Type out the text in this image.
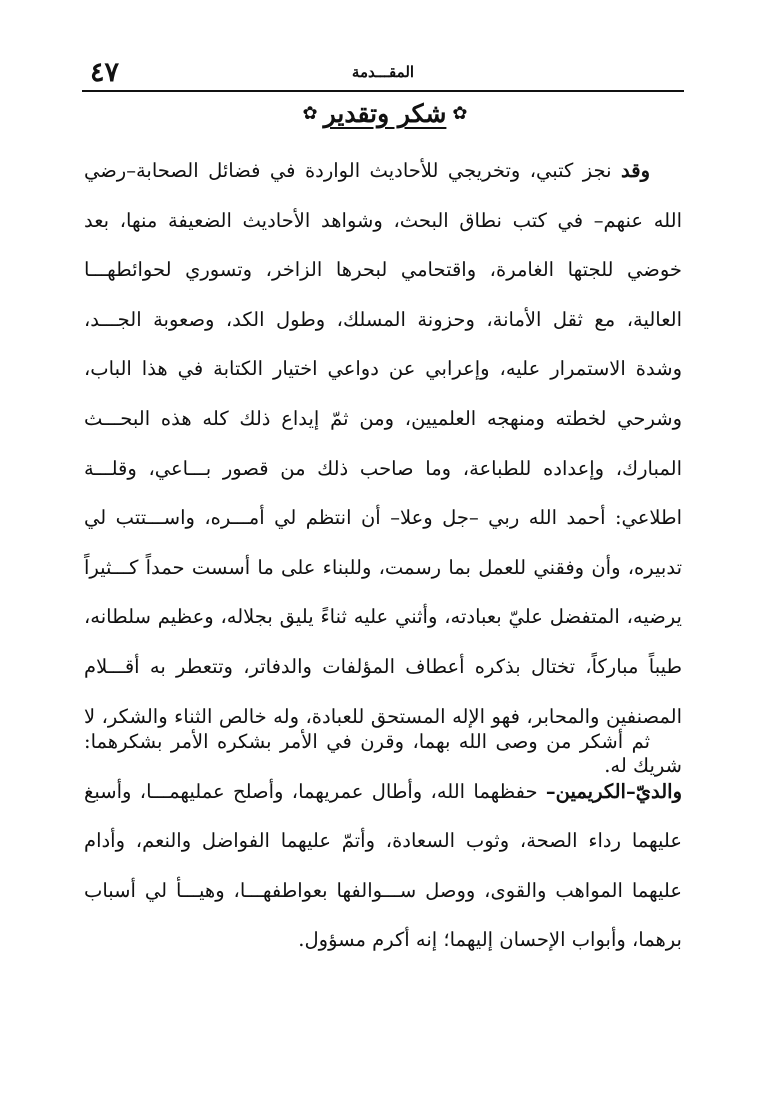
٤٧	المقـــدمة
✿
شكر وتقدير
✿

وقد نجز كتبي، وتخريجي للأحاديث الواردة في فضائل الصحابة–رضي الله عنهم– في كتب نطاق البحث، وشواهد الأحاديث الضعيفة منها، بعد خوضي للجتها الغامرة، واقتحامي لبحرها الزاخر، وتسوري لحوائطهـــا العالية، مع ثقل الأمانة، وحزونة المسلك، وطول الكد، وصعوبة الجـــد، وشدة الاستمرار عليه، وإعرابي عن دواعي اختيار الكتابة في هذا الباب، وشرحي لخطته ومنهجه العلميين، ومن ثمّ إيداع ذلك كله هذه البحـــث المبارك، وإعداده للطباعة، وما صاحب ذلك من قصور بـــاعي، وقلـــة اطلاعي: أحمد الله ربي –جل وعلا– أن انتظم لي أمـــره، واســـتتب لي تدبيره، وأن وفقني للعمل بما رسمت، وللبناء على ما أسست حمداً كـــثيراً يرضيه، المتفضل عليّ بعبادته، وأثني عليه ثناءً يليق بجلاله، وعظيم سلطانه، طيباً مباركاً، تختال بذكره أعطاف المؤلفات والدفاتر، وتتعطر به أقـــلام المصنفين والمحابر، فهو الإله المستحق للعبادة، وله خالص الثناء والشكر، لا شريك له.

ثم أشكر من وصى الله بهما، وقرن في الأمر بشكره الأمر بشكرهما: والديّ–الكريمين– حفظهما الله، وأطال عمريهما، وأصلح عمليهمـــا، وأسبغ عليهما رداء الصحة، وثوب السعادة، وأتمّ عليهما الفواضل والنعم، وأدام عليهما المواهب والقوى، ووصل ســـوالفها بعواطفهـــا، وهيـــأ لي أسباب برهما، وأبواب الإحسان إليهما؛ إنه أكرم مسؤول.
